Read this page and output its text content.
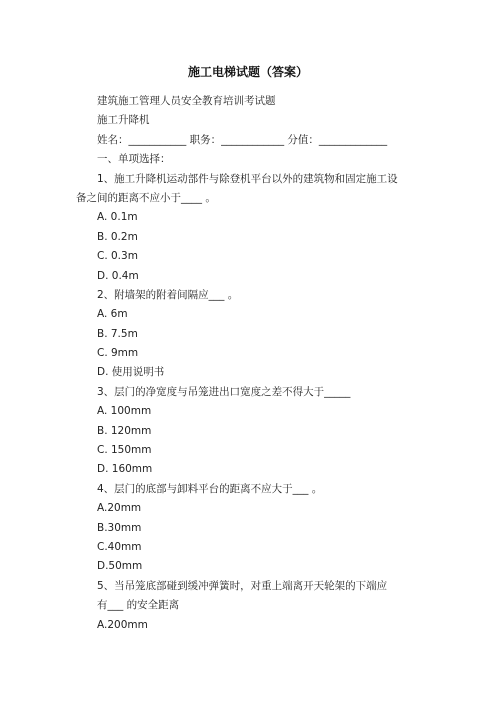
施工电梯试题（答案）
建筑施工管理人员安全教育培训考试题
施工升降机
姓名：___________ 职务：____________ 分值：_____________
一、单项选择：
1、施工升降机运动部件与除登机平台以外的建筑物和固定施工设
备之间的距离不应小于____ 。
A. 0.1m
B. 0.2m
C. 0.3m
D. 0.4m
2、附墙架的附着间隔应___ 。
A. 6m
B. 7.5m
C. 9mm
D. 使用说明书
3、层门的净宽度与吊笼进出口宽度之差不得大于_____
A. 100mm
B. 120mm
C. 150mm
D. 160mm
4、层门的底部与卸料平台的距离不应大于___ 。
A.20mm
B.30mm
C.40mm
D.50mm
5、当吊笼底部碰到缓冲弹簧时，对重上端离开天轮架的下端应
有___ 的安全距离
A.200mm
